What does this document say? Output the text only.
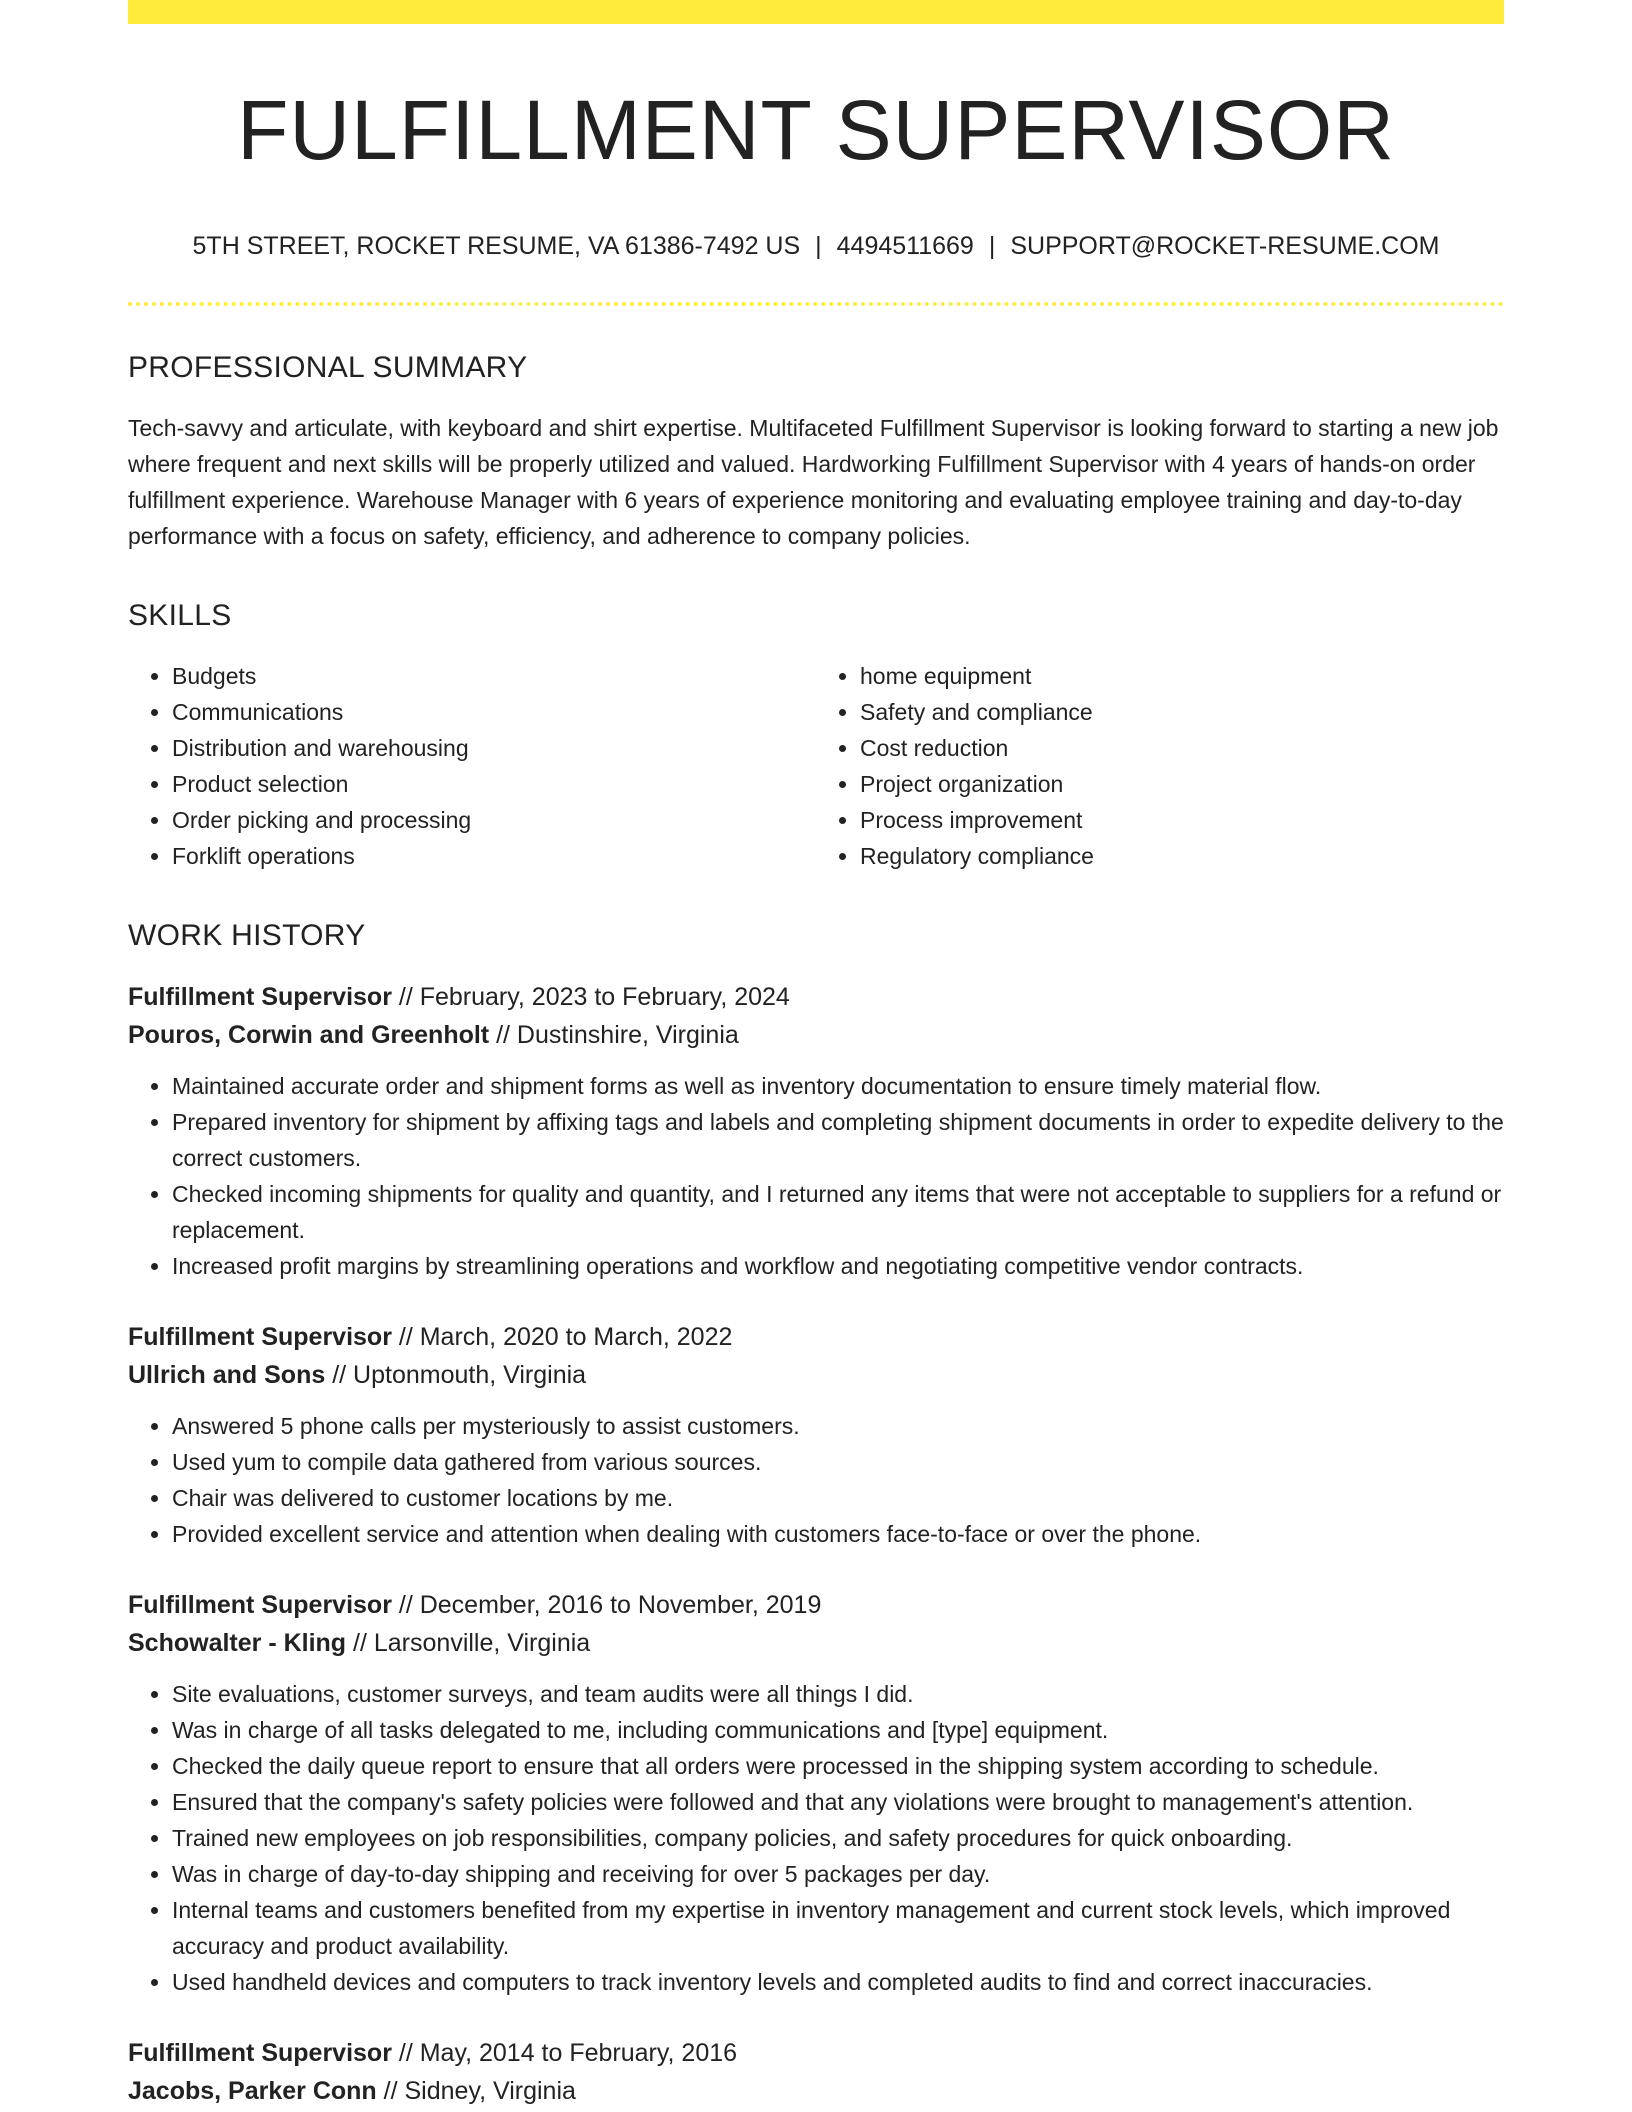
FULFILLMENT SUPERVISOR
5TH STREET, ROCKET RESUME, VA 61386-7492 US | 4494511669 | SUPPORT@ROCKET-RESUME.COM
PROFESSIONAL SUMMARY

Tech-savvy and articulate, with keyboard and shirt expertise. Multifaceted Fulfillment Supervisor is looking forward to starting a new job where frequent and next skills will be properly utilized and valued. Hardworking Fulfillment Supervisor with 4 years of hands-on order fulfillment experience. Warehouse Manager with 6 years of experience monitoring and evaluating employee training and day-to-day performance with a focus on safety, efficiency, and adherence to company policies.

SKILLS
• Budgets
• Communications
• Distribution and warehousing
• Product selection
• Order picking and processing
• Forklift operations
• home equipment
• Safety and compliance
• Cost reduction
• Project organization
• Process improvement
• Regulatory compliance
WORK HISTORY
Fulfillment Supervisor // February, 2023 to February, 2024
Pouros, Corwin and Greenholt // Dustinshire, Virginia
• Maintained accurate order and shipment forms as well as inventory documentation to ensure timely material flow.
• Prepared inventory for shipment by affixing tags and labels and completing shipment documents in order to expedite delivery to the correct customers.
• Checked incoming shipments for quality and quantity, and I returned any items that were not acceptable to suppliers for a refund or replacement.
• Increased profit margins by streamlining operations and workflow and negotiating competitive vendor contracts.
Fulfillment Supervisor // March, 2020 to March, 2022
Ullrich and Sons // Uptonmouth, Virginia
• Answered 5 phone calls per mysteriously to assist customers.
• Used yum to compile data gathered from various sources.
• Chair was delivered to customer locations by me.
• Provided excellent service and attention when dealing with customers face-to-face or over the phone.
Fulfillment Supervisor // December, 2016 to November, 2019
Schowalter - Kling // Larsonville, Virginia
• Site evaluations, customer surveys, and team audits were all things I did.
• Was in charge of all tasks delegated to me, including communications and [type] equipment.
• Checked the daily queue report to ensure that all orders were processed in the shipping system according to schedule.
• Ensured that the company's safety policies were followed and that any violations were brought to management's attention.
• Trained new employees on job responsibilities, company policies, and safety procedures for quick onboarding.
• Was in charge of day-to-day shipping and receiving for over 5 packages per day.
• Internal teams and customers benefited from my expertise in inventory management and current stock levels, which improved accuracy and product availability.
• Used handheld devices and computers to track inventory levels and completed audits to find and correct inaccuracies.
Fulfillment Supervisor // May, 2014 to February, 2016
Jacobs, Parker Conn // Sidney, Virginia
